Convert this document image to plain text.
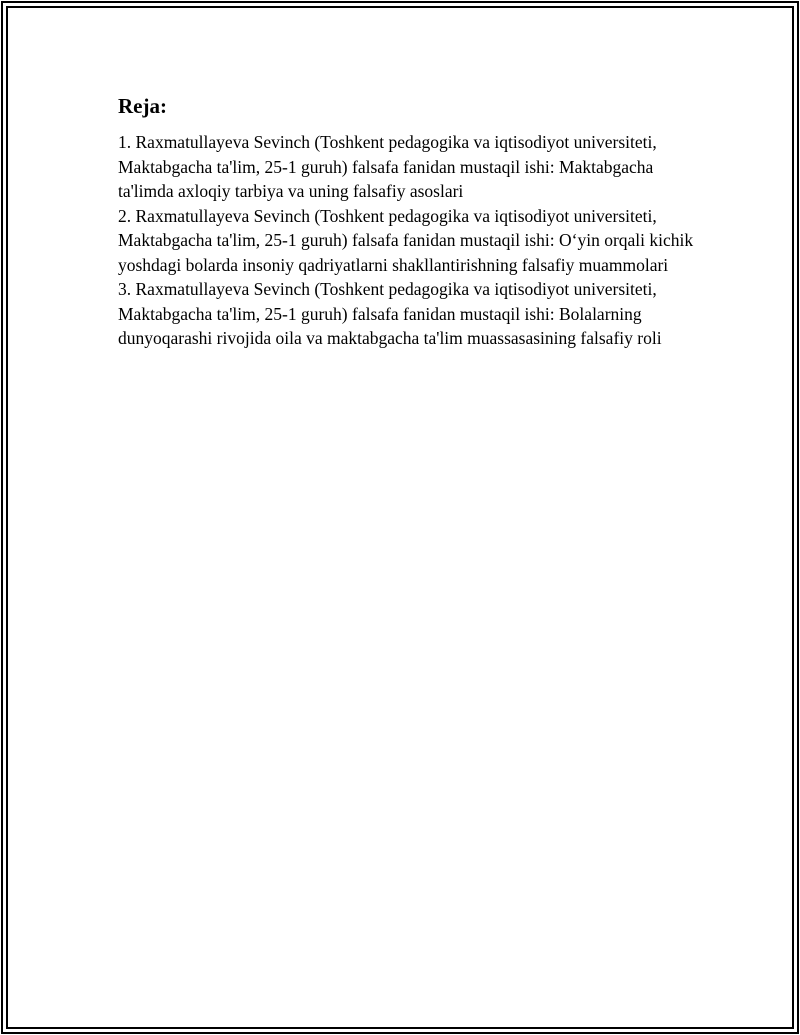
Reja:
1. Raxmatullayeva Sevinch (Toshkent pedagogika va iqtisodiyot universiteti, Maktabgacha ta'lim, 25-1 guruh) falsafa fanidan mustaqil ishi: Maktabgacha ta'limda axloqiy tarbiya va uning falsafiy asoslari
2. Raxmatullayeva Sevinch (Toshkent pedagogika va iqtisodiyot universiteti, Maktabgacha ta'lim, 25-1 guruh) falsafa fanidan mustaqil ishi: O‘yin orqali kichik yoshdagi bolarda insoniy qadriyatlarni shakllantirishning falsafiy muammolari
3. Raxmatullayeva Sevinch (Toshkent pedagogika va iqtisodiyot universiteti, Maktabgacha ta'lim, 25-1 guruh) falsafa fanidan mustaqil ishi: Bolalarning dunyoqarashi rivojida oila va maktabgacha ta'lim muassasasining falsafiy roli
